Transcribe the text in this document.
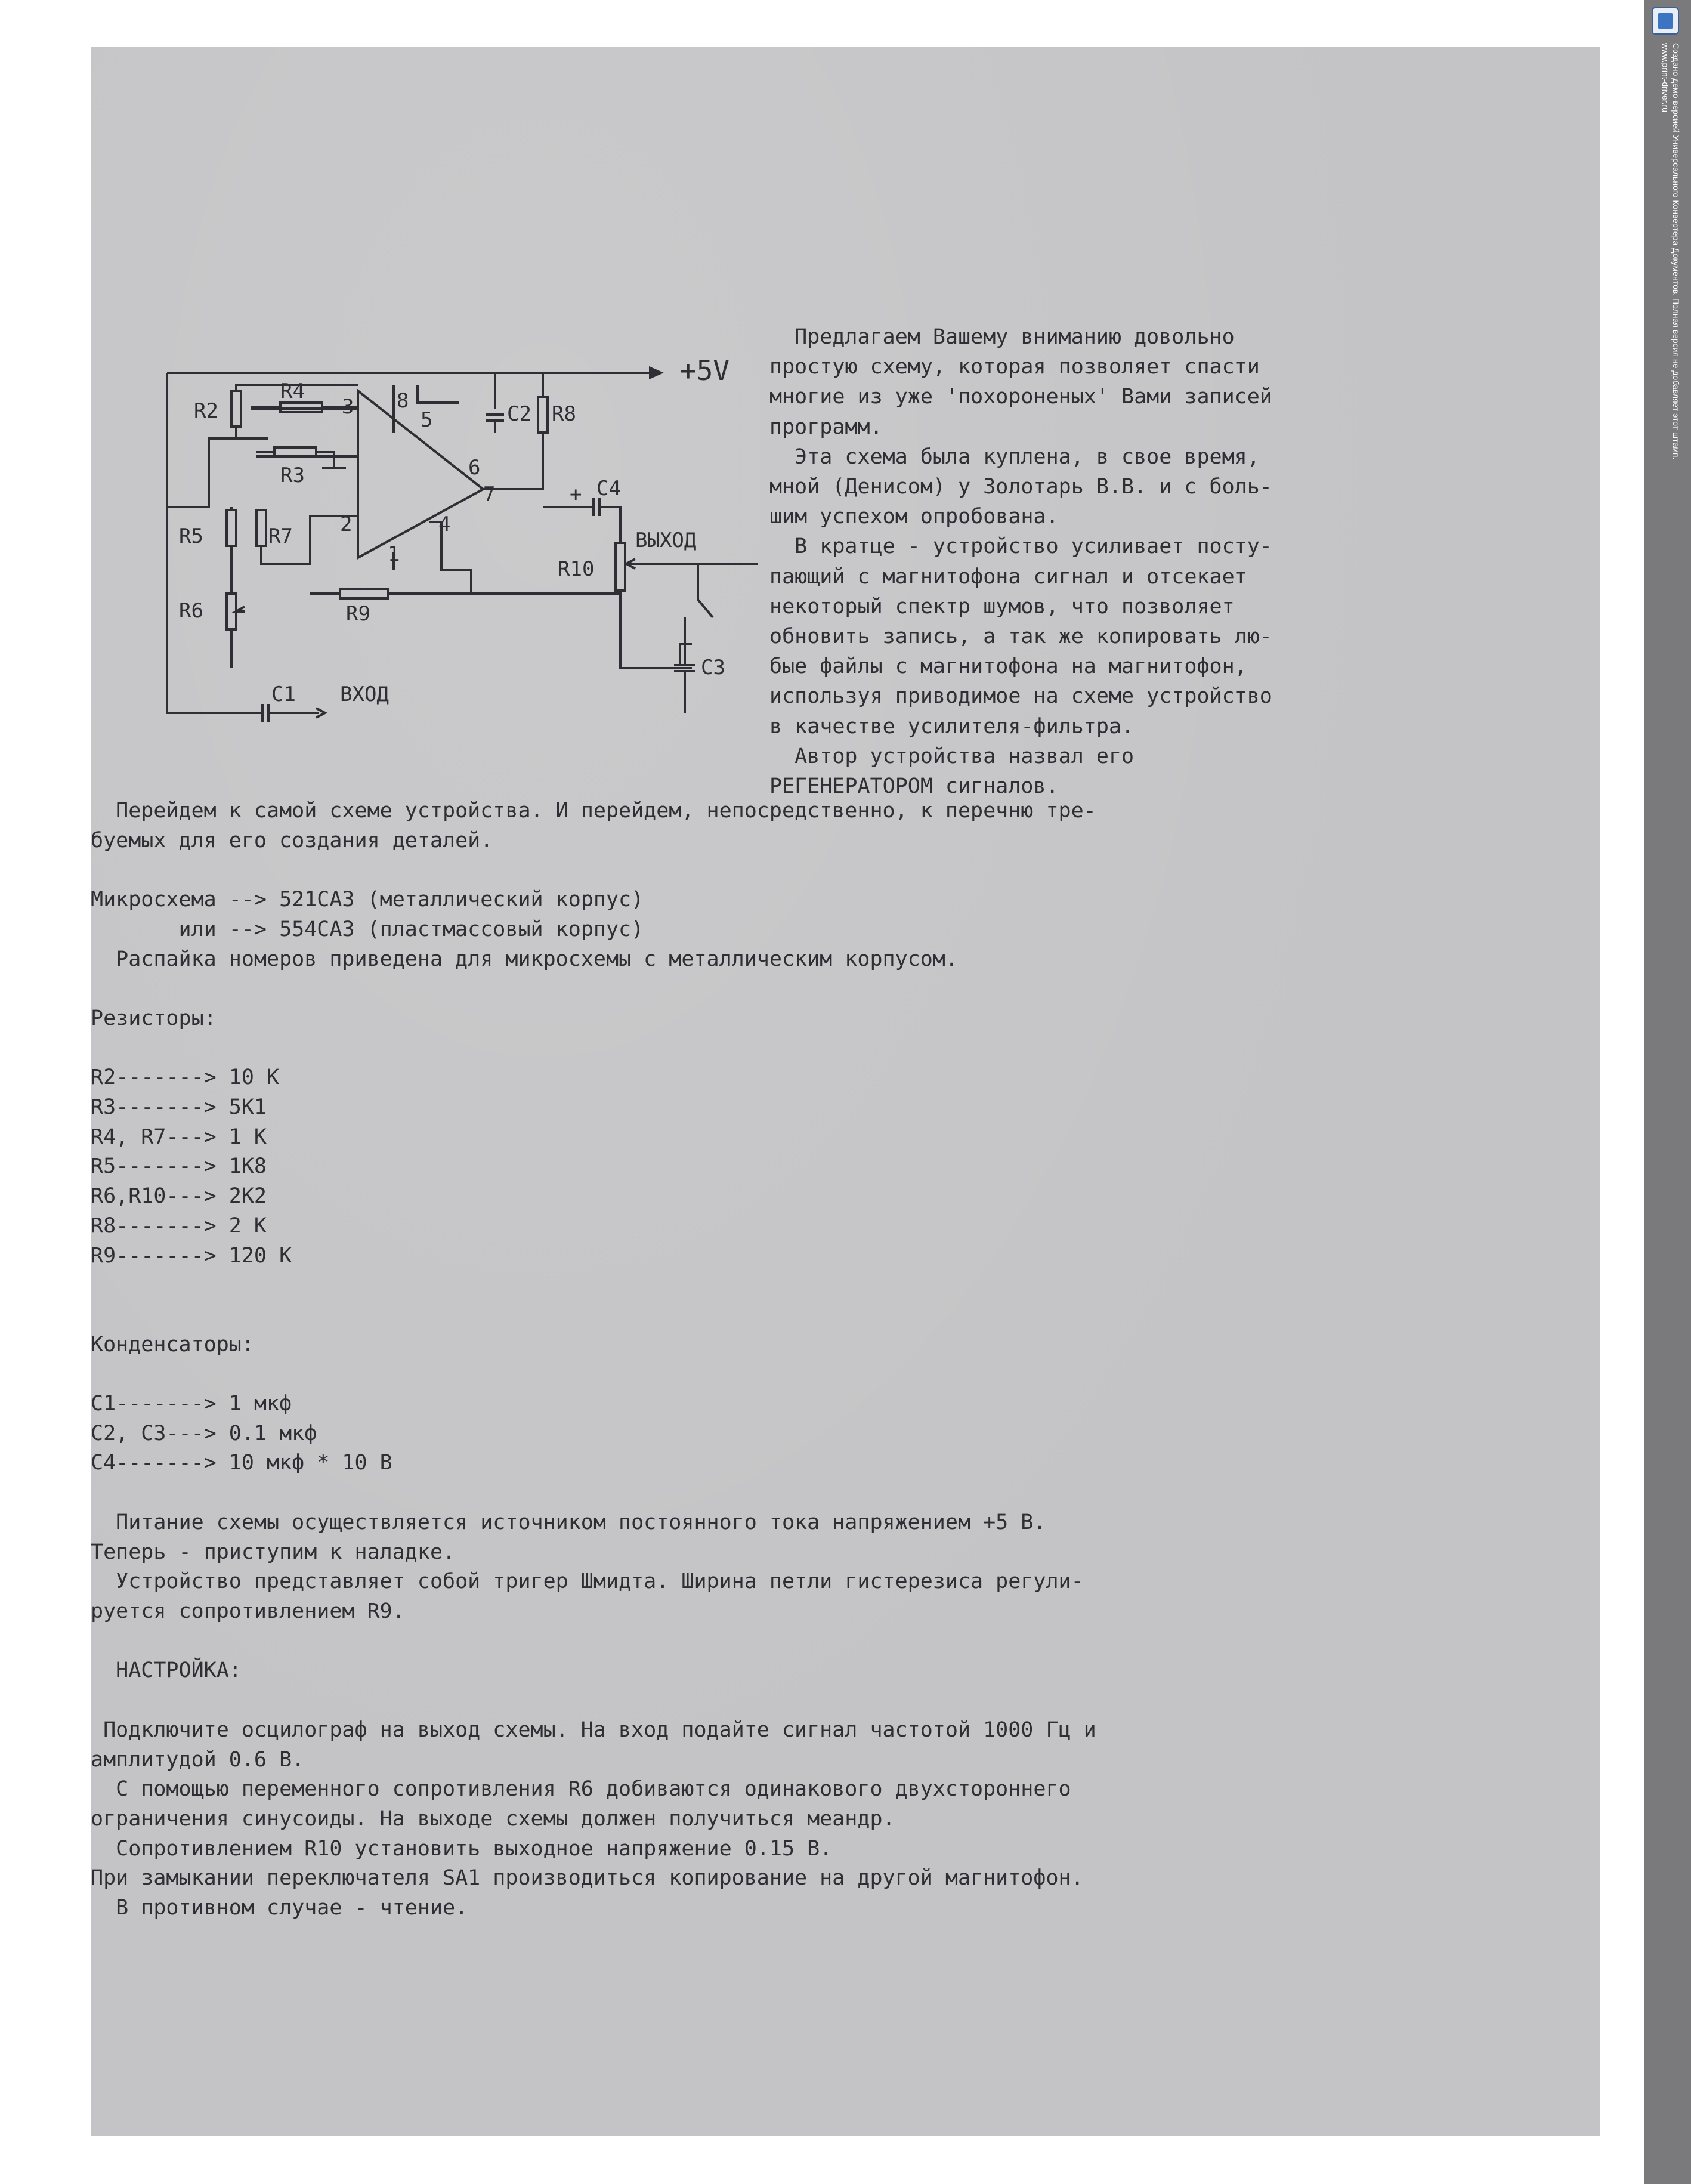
+5V
R2
R4
R3
3 8
5	C2 R8
6
7	+ C4
ВЫХОД
R10
C3
2	4
1
R5	R7
R6	R9
C1 ВХОД
Предлагаем Вашему вниманию довольно
простую схему, которая позволяет спасти
многие из уже 'похороненых' Вами записей
программ.
Эта схема была куплена, в свое время,
мной (Денисом) у Золотарь В.В. и с боль-
шим успехом опробована.
В кратце - устройство усиливает посту-
пающий с магнитофона сигнал и отсекает
некоторый спектр шумов, что позволяет
обновить запись, а так же копировать лю-
бые файлы с магнитофона на магнитофон,
используя приводимое на схеме устройство
в качестве усилителя-фильтра.
Автор устройства назвал его
РЕГЕНЕРАТОРОМ сигналов.
Перейдем к самой схеме устройства. И перейдем, непосредственно, к перечню тре-
буемых для его создания деталей.

Микросхема --> 521СА3 (металлический корпус)
или --> 554СА3 (пластмассовый корпус)
Распайка номеров приведена для микросхемы с металлическим корпусом.

Резисторы:

R2-------> 10 К
R3-------> 5К1
R4, R7---> 1 К
R5-------> 1К8
R6,R10---> 2К2
R8-------> 2 К
R9-------> 120 К

Конденсаторы:

C1-------> 1 мкф
C2, C3---> 0.1 мкф
C4-------> 10 мкф * 10 В

Питание схемы осуществляется источником постоянного тока напряжением +5 В.
Теперь - приступим к наладке.
Устройство представляет собой тригер Шмидта. Ширина петли гистерезиса регули-
руется сопротивлением R9.

НАСТРОЙКА:

Подключите осцилограф на выход схемы. На вход подайте сигнал частотой 1000 Гц и
амплитудой 0.6 В.
С помощью переменного сопротивления R6 добиваются одинакового двухстороннего
ограничения синусоиды. На выходе схемы должен получиться меандр.
Сопротивлением R10 установить выходное напряжение 0.15 В.
При замыкании переключателя SA1 производиться копирование на другой магнитофон.
В противном случае - чтение.
Создано демо-версией Универсального Конвертера Документов. Полная версия не добавляет этот штамп.
www.print-driver.ru
